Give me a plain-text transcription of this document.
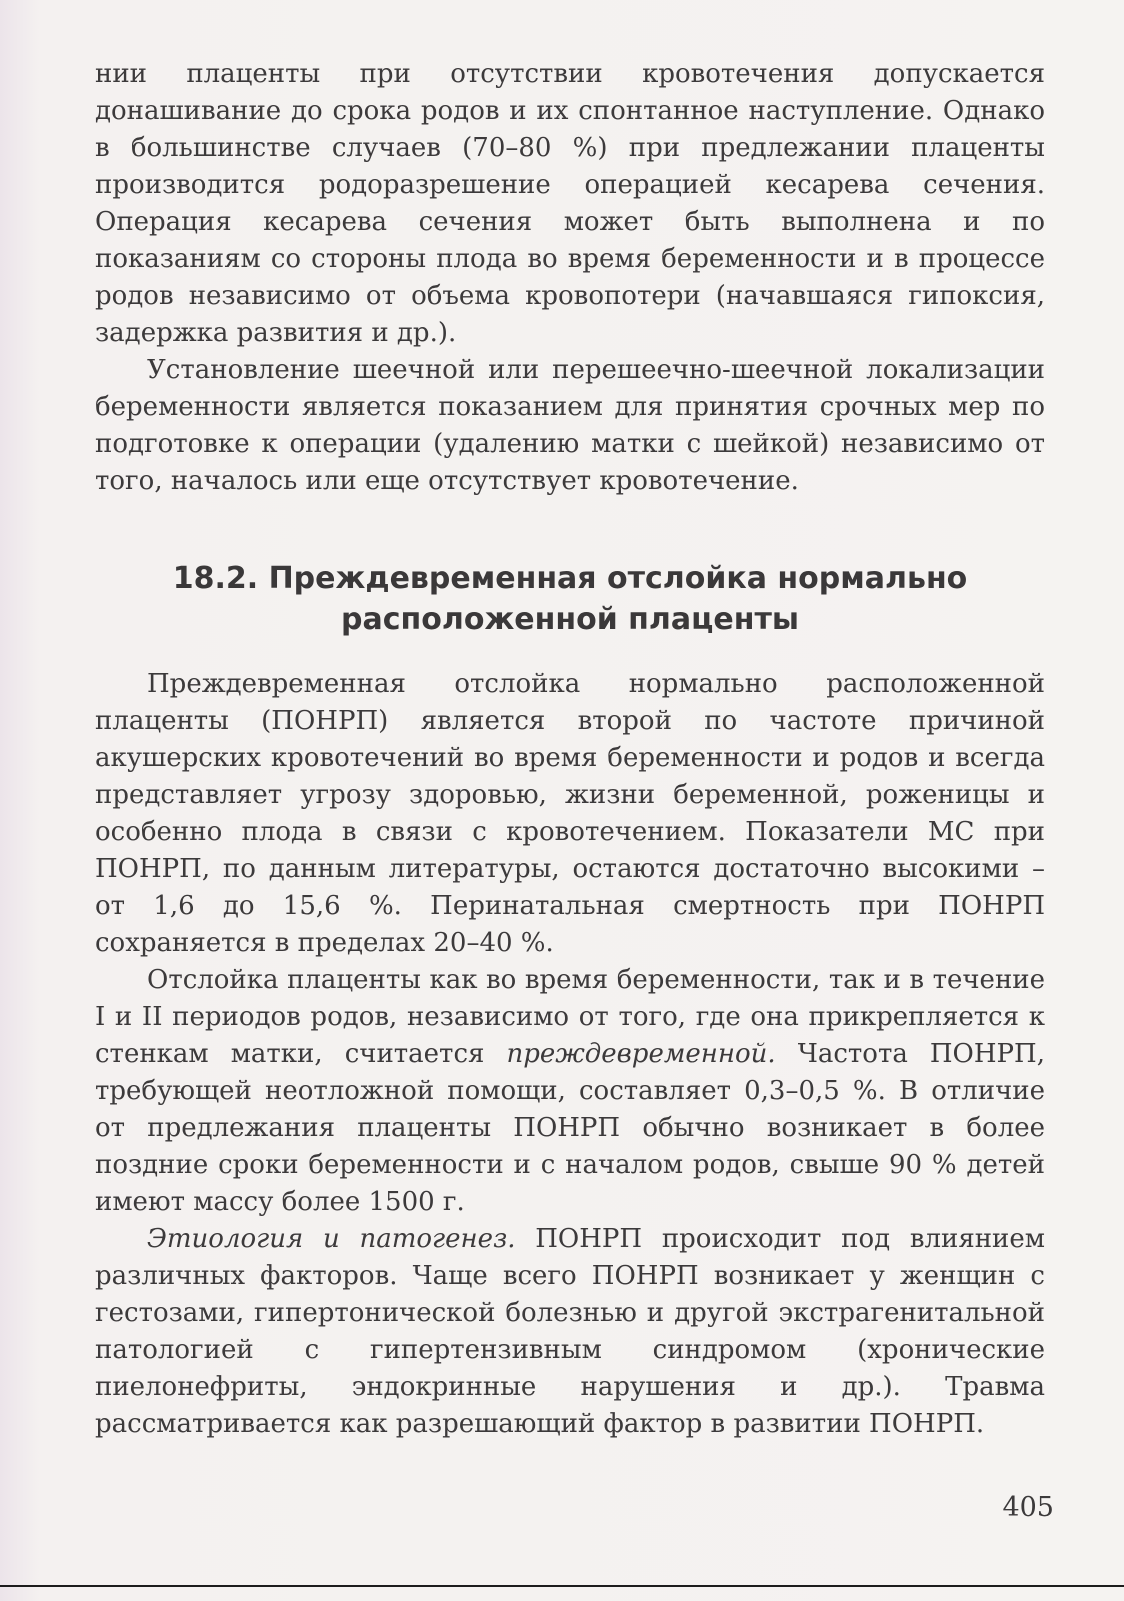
нии плаценты при отсутствии кровотечения допускается донашивание до срока родов и их спонтанное наступление. Однако в большинстве случаев (70–80 %) при предлежании плаценты производится родоразрешение операцией кесарева сечения. Операция кесарева сечения может быть выполнена и по показаниям со стороны плода во время беременности и в процессе родов независимо от объема кровопотери (начавшаяся гипоксия, задержка развития и др.).

Установление шеечной или перешеечно-шеечной локализации беременности является показанием для принятия срочных мер по подготовке к операции (удалению матки с шейкой) независимо от того, началось или еще отсутствует кровотечение.

18.2. Преждевременная отслойка нормально
расположенной плаценты

Преждевременная отслойка нормально расположенной плаценты (ПОНРП) является второй по частоте причиной акушерских кровотечений во время беременности и родов и всегда представляет угрозу здоровью, жизни беременной, роженицы и особенно плода в связи с кровотечением. Показатели МС при ПОНРП, по данным литературы, остаются достаточно высокими – от 1,6 до 15,6 %. Перинатальная смертность при ПОНРП сохраняется в пределах 20–40 %.

Отслойка плаценты как во время беременности, так и в течение I и II периодов родов, независимо от того, где она прикрепляется к стенкам матки, считается преждевременной. Частота ПОНРП, требующей неотложной помощи, составляет 0,3–0,5 %. В отличие от предлежания плаценты ПОНРП обычно возникает в более поздние сроки беременности и с началом родов, свыше 90 % детей имеют массу более 1500 г.

Этиология и патогенез. ПОНРП происходит под влиянием различных факторов. Чаще всего ПОНРП возникает у женщин с гестозами, гипертонической болезнью и другой экстрагенитальной патологией с гипертензивным синдромом (хронические пиелонефриты, эндокринные нарушения и др.). Травма рассматривается как разрешающий фактор в развитии ПОНРП.

405
